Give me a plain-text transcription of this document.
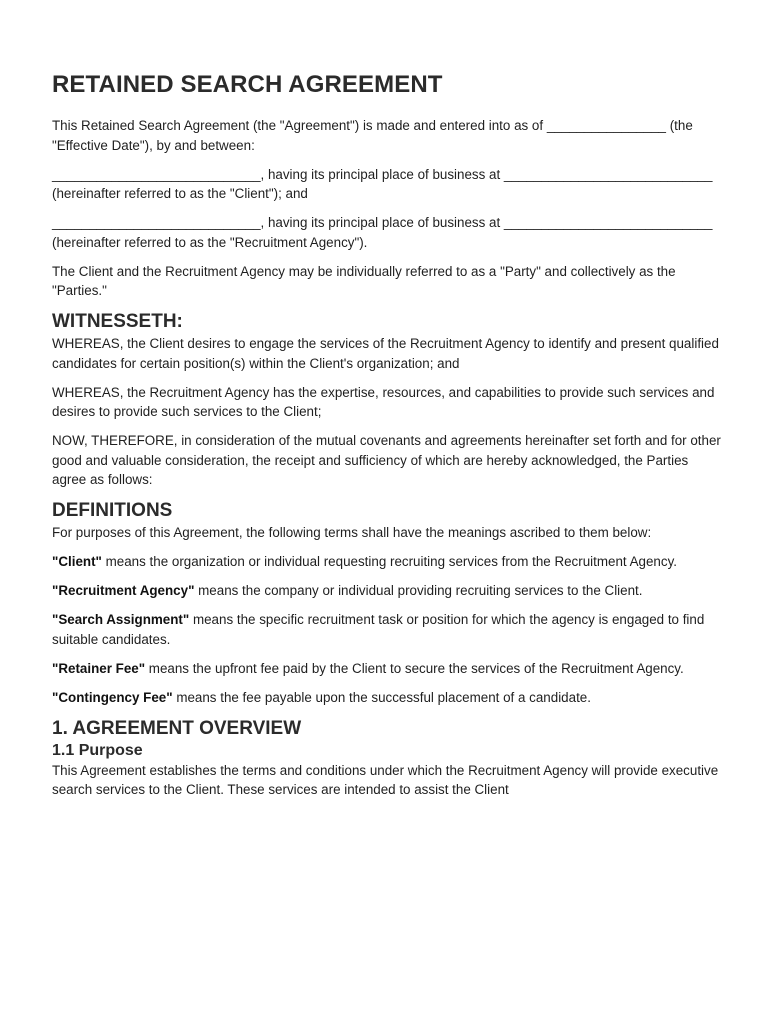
RETAINED SEARCH AGREEMENT

This Retained Search Agreement (the "Agreement") is made and entered into as of ________________ (the "Effective Date"), by and between:

____________________________, having its principal place of business at ____________________________ (hereinafter referred to as the "Client"); and

____________________________, having its principal place of business at ____________________________ (hereinafter referred to as the "Recruitment Agency").

The Client and the Recruitment Agency may be individually referred to as a "Party" and collectively as the "Parties."

WITNESSETH:

WHEREAS, the Client desires to engage the services of the Recruitment Agency to identify and present qualified candidates for certain position(s) within the Client's organization; and

WHEREAS, the Recruitment Agency has the expertise, resources, and capabilities to provide such services and desires to provide such services to the Client;

NOW, THEREFORE, in consideration of the mutual covenants and agreements hereinafter set forth and for other good and valuable consideration, the receipt and sufficiency of which are hereby acknowledged, the Parties agree as follows:

DEFINITIONS

For purposes of this Agreement, the following terms shall have the meanings ascribed to them below:

"Client" means the organization or individual requesting recruiting services from the Recruitment Agency.

"Recruitment Agency" means the company or individual providing recruiting services to the Client.

"Search Assignment" means the specific recruitment task or position for which the agency is engaged to find suitable candidates.

"Retainer Fee" means the upfront fee paid by the Client to secure the services of the Recruitment Agency.

"Contingency Fee" means the fee payable upon the successful placement of a candidate.

1. AGREEMENT OVERVIEW
1.1 Purpose

This Agreement establishes the terms and conditions under which the Recruitment Agency will provide executive search services to the Client. These services are intended to assist the Client
